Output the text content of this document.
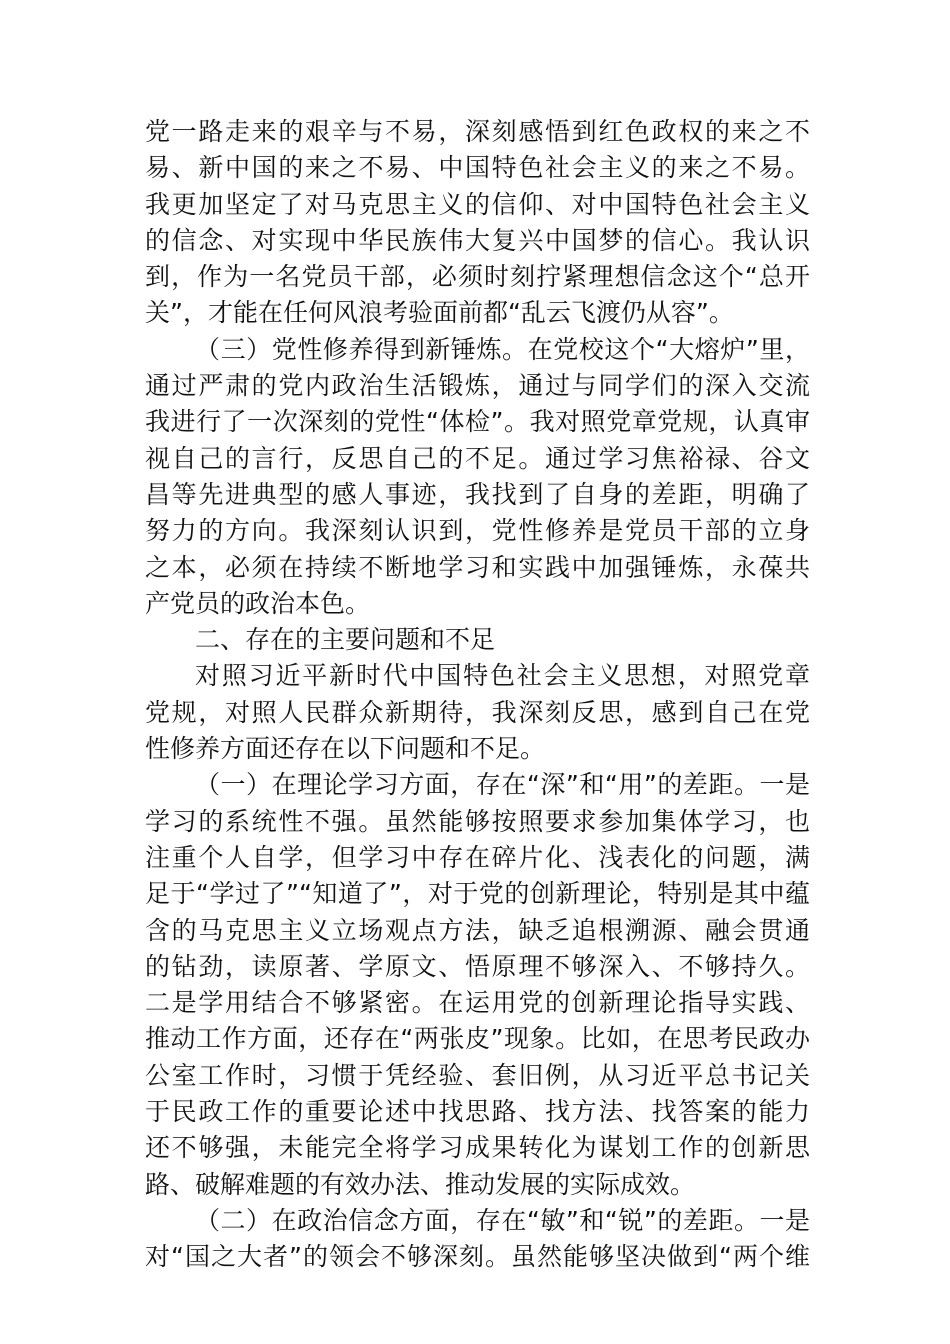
党一路走来的艰辛与不易，深刻感悟到红色政权的来之不
易、新中国的来之不易、中国特色社会主义的来之不易。
我更加坚定了对马克思主义的信仰、对中国特色社会主义
的信念、对实现中华民族伟大复兴中国梦的信心。我认识
到，作为一名党员干部，必须时刻拧紧理想信念这个“总开
关”，才能在任何风浪考验面前都“乱云飞渡仍从容”。
（三）党性修养得到新锤炼。在党校这个“大熔炉”里，
通过严肃的党内政治生活锻炼，通过与同学们的深入交流
我进行了一次深刻的党性“体检”。我对照党章党规，认真审
视自己的言行，反思自己的不足。通过学习焦裕禄、谷文
昌等先进典型的感人事迹，我找到了自身的差距，明确了
努力的方向。我深刻认识到，党性修养是党员干部的立身
之本，必须在持续不断地学习和实践中加强锤炼，永葆共
产党员的政治本色。
二、存在的主要问题和不足
对照习近平新时代中国特色社会主义思想，对照党章
党规，对照人民群众新期待，我深刻反思，感到自己在党
性修养方面还存在以下问题和不足。
（一）在理论学习方面，存在“深”和“用”的差距。一是
学习的系统性不强。虽然能够按照要求参加集体学习，也
注重个人自学，但学习中存在碎片化、浅表化的问题，满
足于“学过了”“知道了”，对于党的创新理论，特别是其中蕴
含的马克思主义立场观点方法，缺乏追根溯源、融会贯通
的钻劲，读原著、学原文、悟原理不够深入、不够持久。
二是学用结合不够紧密。在运用党的创新理论指导实践、
推动工作方面，还存在“两张皮”现象。比如，在思考民政办
公室工作时，习惯于凭经验、套旧例，从习近平总书记关
于民政工作的重要论述中找思路、找方法、找答案的能力
还不够强，未能完全将学习成果转化为谋划工作的创新思
路、破解难题的有效办法、推动发展的实际成效。
（二）在政治信念方面，存在“敏”和“锐”的差距。一是
对“国之大者”的领会不够深刻。虽然能够坚决做到“两个维
